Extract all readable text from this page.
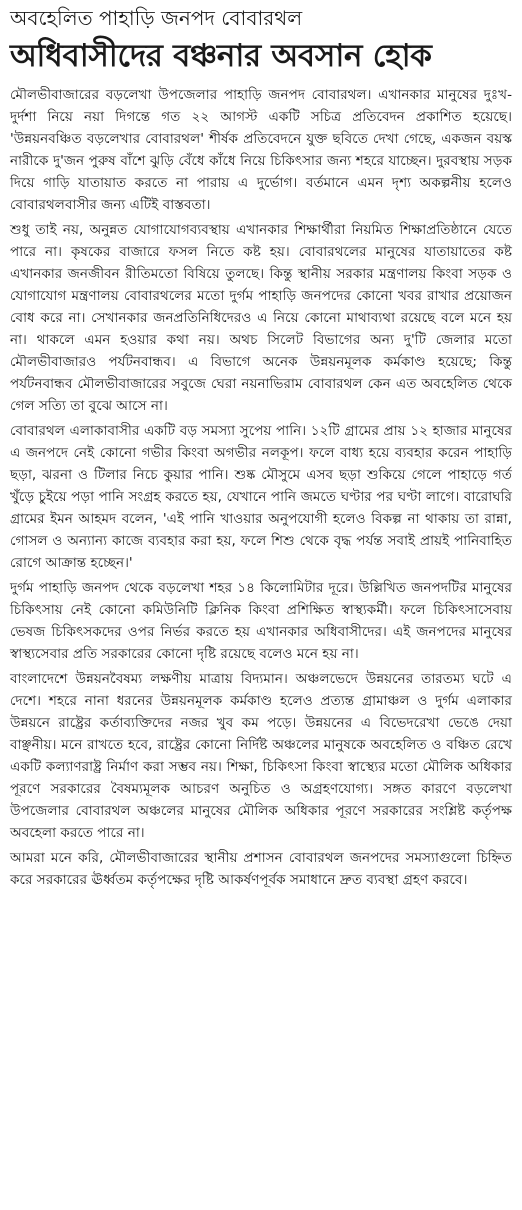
অবহেলিত পাহাড়ি জনপদ বোবারথল
অধিবাসীদের বঞ্চনার অবসান হোক

মৌলভীবাজারের বড়লেখা উপজেলার পাহাড়ি জনপদ বোবারথল। এখানকার মানুষের দুঃখ-দুর্দশা নিয়ে নয়া দিগন্তে গত ২২ আগস্ট একটি সচিত্র প্রতিবেদন প্রকাশিত হয়েছে। 'উন্নয়নবঞ্চিত বড়লেখার বোবারথল' শীর্ষক প্রতিবেদনে যুক্ত ছবিতে দেখা গেছে, একজন বয়স্ক নারীকে দু'জন পুরুষ বাঁশে ঝুড়ি বেঁধে কাঁধে নিয়ে চিকিৎসার জন্য শহরে যাচ্ছেন। দুরবস্থায় সড়ক দিয়ে গাড়ি যাতায়াত করতে না পারায় এ দুর্ভোগ। বর্তমানে এমন দৃশ্য অকল্পনীয় হলেও বোবারথলবাসীর জন্য এটিই বাস্তবতা।

শুধু তাই নয়, অনুন্নত যোগাযোগব্যবস্থায় এখানকার শিক্ষার্থীরা নিয়মিত শিক্ষাপ্রতিষ্ঠানে যেতে পারে না। কৃষকের বাজারে ফসল নিতে কষ্ট হয়। বোবারথলের মানুষের যাতায়াতের কষ্ট এখানকার জনজীবন রীতিমতো বিষিয়ে তুলছে। কিন্তু স্থানীয় সরকার মন্ত্রণালয় কিংবা সড়ক ও যোগাযোগ মন্ত্রণালয় বোবারথলের মতো দুর্গম পাহাড়ি জনপদের কোনো খবর রাখার প্রয়োজন বোধ করে না। সেখানকার জনপ্রতিনিধিদেরও এ নিয়ে কোনো মাথাব্যথা রয়েছে বলে মনে হয় না। থাকলে এমন হওয়ার কথা নয়। অথচ সিলেট বিভাগের অন্য দু'টি জেলার মতো মৌলভীবাজারও পর্যটনবান্ধব। এ বিভাগে অনেক উন্নয়নমূলক কর্মকাণ্ড হয়েছে; কিন্তু পর্যটনবান্ধব মৌলভীবাজারের সবুজে ঘেরা নয়নাভিরাম বোবারথল কেন এত অবহেলিত থেকে গেল সত্যি তা বুঝে আসে না।

বোবারথল এলাকাবাসীর একটি বড় সমস্যা সুপেয় পানি। ১২টি গ্রামের প্রায় ১২ হাজার মানুষের এ জনপদে নেই কোনো গভীর কিংবা অগভীর নলকূপ। ফলে বাধ্য হয়ে ব্যবহার করেন পাহাড়ি ছড়া, ঝরনা ও টিলার নিচে কুয়ার পানি। শুষ্ক মৌসুমে এসব ছড়া শুকিয়ে গেলে পাহাড়ে গর্ত খুঁড়ে চুইয়ে পড়া পানি সংগ্রহ করতে হয়, যেখানে পানি জমতে ঘণ্টার পর ঘণ্টা লাগে। বারোঘরি গ্রামের ইমন আহমদ বলেন, 'এই পানি খাওয়ার অনুপযোগী হলেও বিকল্প না থাকায় তা রান্না, গোসল ও অন্যান্য কাজে ব্যবহার করা হয়, ফলে শিশু থেকে বৃদ্ধ পর্যন্ত সবাই প্রায়ই পানিবাহিত রোগে আক্রান্ত হচ্ছেন।'

দুর্গম পাহাড়ি জনপদ থেকে বড়লেখা শহর ১৪ কিলোমিটার দূরে। উল্লিখিত জনপদটির মানুষের চিকিৎসায় নেই কোনো কমিউনিটি ক্লিনিক কিংবা প্রশিক্ষিত স্বাস্থ্যকর্মী। ফলে চিকিৎসাসেবায় ভেষজ চিকিৎসকদের ওপর নির্ভর করতে হয় এখানকার অধিবাসীদের। এই জনপদের মানুষের স্বাস্থ্যসেবার প্রতি সরকারের কোনো দৃষ্টি রয়েছে বলেও মনে হয় না।

বাংলাদেশে উন্নয়নবৈষম্য লক্ষণীয় মাত্রায় বিদ্যমান। অঞ্চলভেদে উন্নয়নের তারতম্য ঘটে এ দেশে। শহরে নানা ধরনের উন্নয়নমূলক কর্মকাণ্ড হলেও প্রত্যন্ত গ্রামাঞ্চল ও দুর্গম এলাকার উন্নয়নে রাষ্ট্রের কর্তাব্যক্তিদের নজর খুব কম পড়ে। উন্নয়নের এ বিভেদরেখা ভেঙে দেয়া বাঞ্ছনীয়। মনে রাখতে হবে, রাষ্ট্রের কোনো নির্দিষ্ট অঞ্চলের মানুষকে অবহেলিত ও বঞ্চিত রেখে একটি কল্যাণরাষ্ট্র নির্মাণ করা সম্ভব নয়। শিক্ষা, চিকিৎসা কিংবা স্বাস্থ্যের মতো মৌলিক অধিকার পূরণে সরকারের বৈষম্যমূলক আচরণ অনুচিত ও অগ্রহণযোগ্য। সঙ্গত কারণে বড়লেখা উপজেলার বোবারথল অঞ্চলের মানুষের মৌলিক অধিকার পূরণে সরকারের সংশ্লিষ্ট কর্তৃপক্ষ অবহেলা করতে পারে না।

আমরা মনে করি, মৌলভীবাজারের স্থানীয় প্রশাসন বোবারথল জনপদের সমস্যাগুলো চিহ্নিত করে সরকারের ঊর্ধ্বতম কর্তৃপক্ষের দৃষ্টি আকর্ষণপূর্বক সমাধানে দ্রুত ব্যবস্থা গ্রহণ করবে।
